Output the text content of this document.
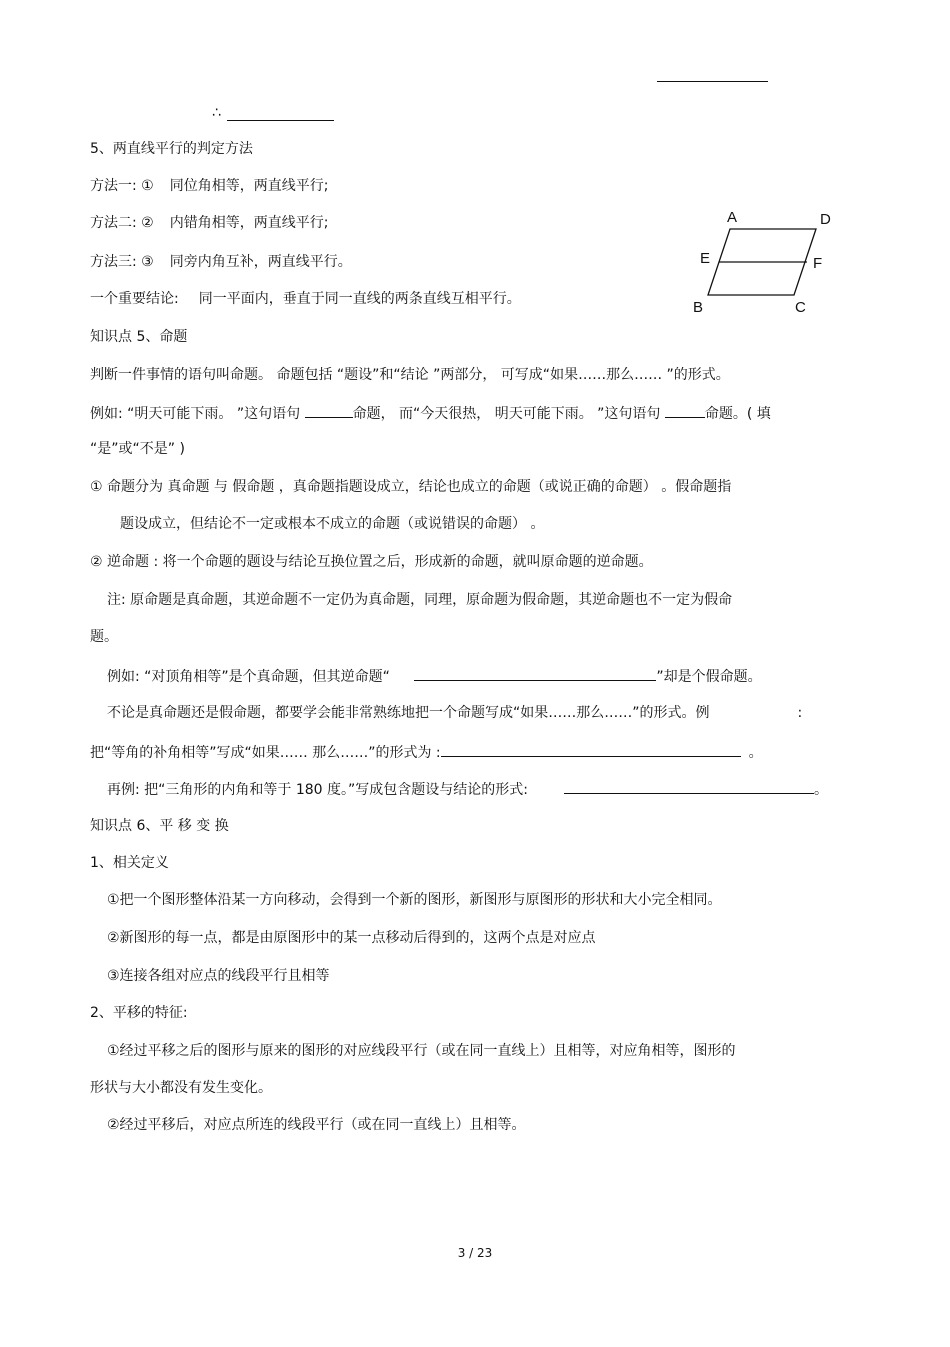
∴
5、两直线平行的判定方法
方法一: ① 同位角相等，两直线平行;
方法二: ② 内错角相等，两直线平行;
方法三: ③ 同旁内角互补，两直线平行。
一个重要结论: 同一平面内，垂直于同一直线的两条直线互相平行。
A	D
E	F
B	C
知识点 5、命题
判断一件事情的语句叫命题。 命题包括 “题设”和“结论 ”两部分， 可写成“如果……那么…… ”的形式。
例如: “明天可能下雨。 ”这句语句	命题， 而“今天很热， 明天可能下雨。 ”这句语句	命题。( 填
“是”或“不是” )
① 命题分为 真命题 与 假命题 ，真命题指题设成立，结论也成立的命题（或说正确的命题） 。假命题指
题设成立，但结论不一定或根本不成立的命题（或说错误的命题） 。
② 逆命题 : 将一个命题的题设与结论互换位置之后，形成新的命题，就叫原命题的逆命题。
注: 原命题是真命题，其逆命题不一定仍为真命题，同理，原命题为假命题，其逆命题也不一定为假命
题。
例如: “对顶角相等”是个真命题，但其逆命题“	”却是个假命题。
不论是真命题还是假命题，都要学会能非常熟练地把一个命题写成“如果……那么……”的形式。例	:
把“等角的补角相等”写成“如果…… 那么……”的形式为 :	。
再例: 把“三角形的内角和等于 180 度。”写成包含题设与结论的形式:	。
知识点 6、平 移 变 换
1、相关定义
①把一个图形整体沿某一方向移动，会得到一个新的图形，新图形与原图形的形状和大小完全相同。
②新图形的每一点，都是由原图形中的某一点移动后得到的，这两个点是对应点
③连接各组对应点的线段平行且相等
2、平移的特征:
①经过平移之后的图形与原来的图形的对应线段平行（或在同一直线上）且相等，对应角相等，图形的
形状与大小都没有发生变化。
②经过平移后，对应点所连的线段平行（或在同一直线上）且相等。
3 / 23
